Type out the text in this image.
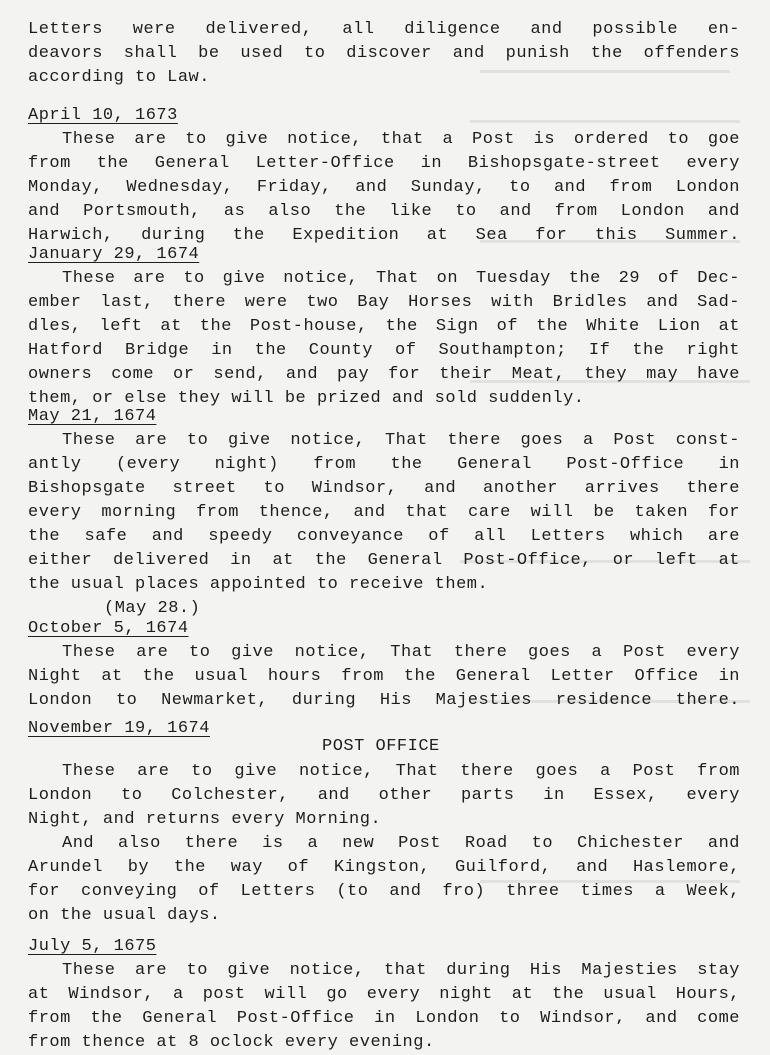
Letters were delivered, all diligence and possible en-
deavors shall be used to discover and punish the offenders
according to Law.
April 10, 1673
These are to give notice, that a Post is ordered to goe
from the General Letter-Office in Bishopsgate-street every
Monday, Wednesday, Friday, and Sunday, to and from London
and Portsmouth, as also the like to and from London and
Harwich, during the Expedition at Sea for this Summer.
January 29, 1674
These are to give notice, That on Tuesday the 29 of Dec-
ember last, there were two Bay Horses with Bridles and Sad-
dles, left at the Post-house, the Sign of the White Lion at
Hatford Bridge in the County of Southampton; If the right
owners come or send, and pay for their Meat, they may have
them, or else they will be prized and sold suddenly.
May 21, 1674
These are to give notice, That there goes a Post const-
antly (every night) from the General Post-Office in
Bishopsgate street to Windsor, and another arrives there
every morning from thence, and that care will be taken for
the safe and speedy conveyance of all Letters which are
either delivered in at the General Post-Office, or left at
the usual places appointed to receive them.
(May 28.)
October 5, 1674
These are to give notice, That there goes a Post every
Night at the usual hours from the General Letter Office in
London to Newmarket, during His Majesties residence there.
November 19, 1674
POST OFFICE
These are to give notice, That there goes a Post from
London to Colchester, and other parts in Essex, every
Night, and returns every Morning.
And also there is a new Post Road to Chichester and
Arundel by the way of Kingston, Guilford, and Haslemore,
for conveying of Letters (to and fro) three times a Week,
on the usual days.
July 5, 1675
These are to give notice, that during His Majesties stay
at Windsor, a post will go every night at the usual Hours,
from the General Post-Office in London to Windsor, and come
from thence at 8 oclock every evening.
